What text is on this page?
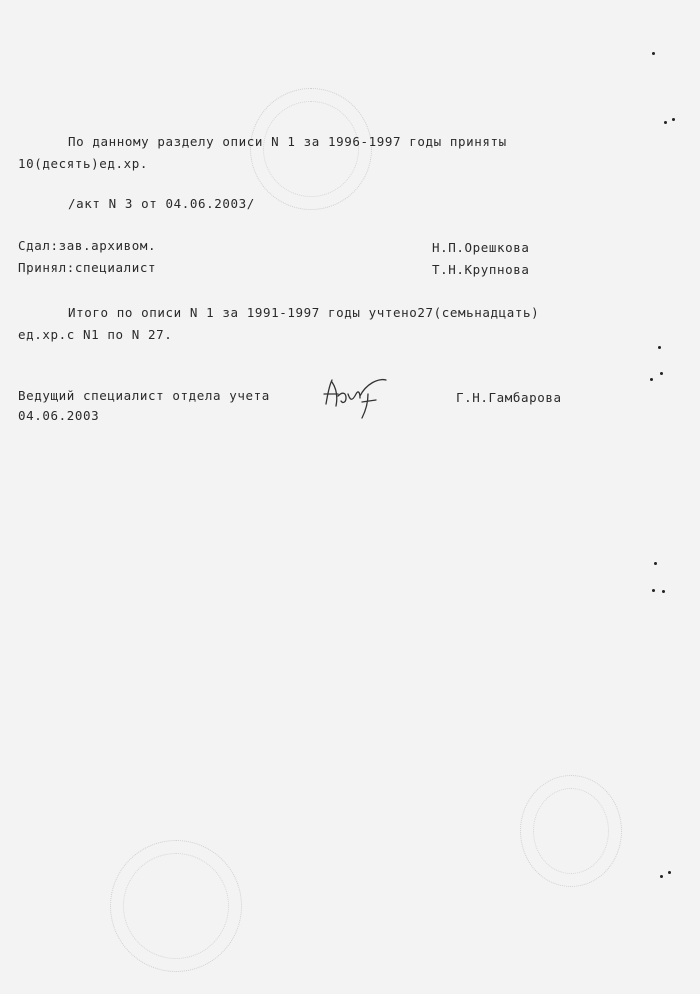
По данному разделу описи N 1 за 1996-1997 годы приняты
10(десять)ед.хр.
/акт N 3 от 04.06.2003/
Сдал:зав.архивом.	Н.П.Орешкова
Принял:специалист	Т.Н.Крупнова
Итого по описи N 1 за 1991-1997 годы учтено27(семьнадцать)
ед.хр.с N1 по N 27.
Ведущий специалист отдела учета	Г.Н.Гамбарова
04.06.2003
